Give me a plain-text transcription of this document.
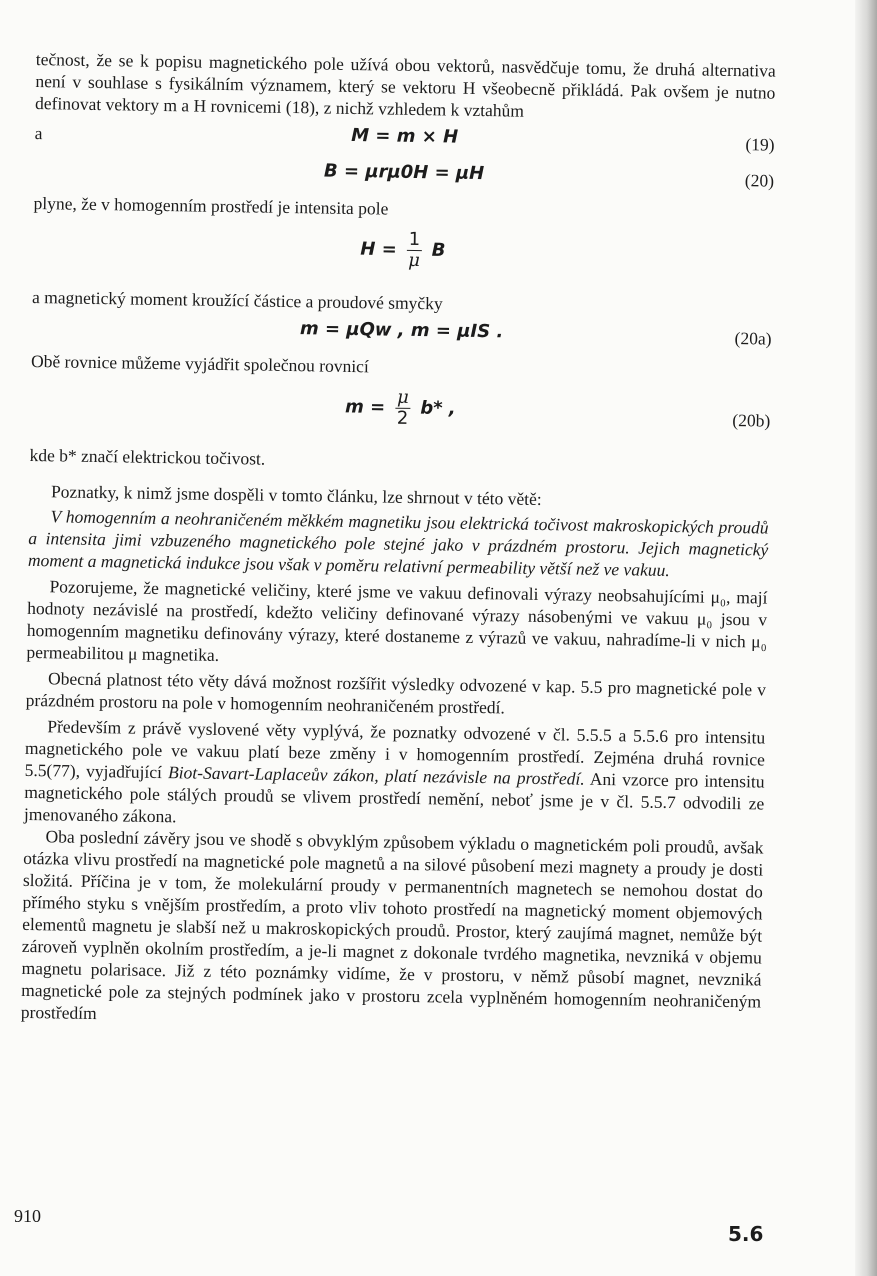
tečnost, že se k popisu magnetického pole užívá obou vektorů, nasvědčuje tomu, že druhá alternativa není v souhlase s fysikálním významem, který se vektoru H všeobecně přikládá. Pak ovšem je nutno definovat vektory m a H rovnicemi (18), z nichž vzhledem k vztahům

a	M = m × H	(19)
B = μrμ0H = μH	(20)

plyne, že v homogenním prostředí je intensita pole

$H = \frac{1}{\mu}$ B

a magnetický moment kroužící částice a proudové smyčky

m = μQw , m = μIS .	(20a)

Obě rovnice můžeme vyjádřit společnou rovnicí

$m = \frac{\mu}{2} b*$ ,
(20b)

kde b* značí elektrickou točivost.

Poznatky, k nimž jsme dospěli v tomto článku, lze shrnout v této větě:

V homogenním a neohraničeném měkkém magnetiku jsou elektrická točivost makroskopických proudů a intensita jimi vzbuzeného magnetického pole stejné jako v prázdném prostoru. Jejich magnetický moment a magnetická indukce jsou však v poměru relativní permeability větší než ve vakuu.

Pozorujeme, že magnetické veličiny, které jsme ve vakuu definovali výrazy neobsahujícími μ₀, mají hodnoty nezávislé na prostředí, kdežto veličiny definované výrazy násobenými ve vakuu μ₀ jsou v homogenním magnetiku definovány výrazy, které dostaneme z výrazů ve vakuu, nahradíme-li v nich μ₀ permeabilitou μ magnetika.

Obecná platnost této věty dává možnost rozšířit výsledky odvozené v kap. 5.5 pro magnetické pole v prázdném prostoru na pole v homogenním neohraničeném prostředí.

Především z právě vyslovené věty vyplývá, že poznatky odvozené v čl. 5.5.5 a 5.5.6 pro intensitu magnetického pole ve vakuu platí beze změny i v homogenním prostředí. Zejména druhá rovnice 5.5(77), vyjadřující Biot-Savart-Laplaceův zákon, platí nezávisle na prostředí. Ani vzorce pro intensitu magnetického pole stálých proudů se vlivem prostředí nemění, neboť jsme je v čl. 5.5.7 odvodili ze jmenovaného zákona.

Oba poslední závěry jsou ve shodě s obvyklým způsobem výkladu o magnetickém poli proudů, avšak otázka vlivu prostředí na magnetické pole magnetů a na silové působení mezi magnety a proudy je dosti složitá. Příčina je v tom, že molekulární proudy v permanentních magnetech se nemohou dostat do přímého styku s vnějším prostředím, a proto vliv tohoto prostředí na magnetický moment objemových elementů magnetu je slabší než u makroskopických proudů. Prostor, který zaujímá magnet, nemůže být zároveň vyplněn okolním prostředím, a je-li magnet z dokonale tvrdého magnetika, nevzniká v objemu magnetu polarisace. Již z této poznámky vidíme, že v prostoru, v němž působí magnet, nevzniká magnetické pole za stejných podmínek jako v prostoru zcela vyplněném homogenním neohraničeným prostředím

910
5.6
